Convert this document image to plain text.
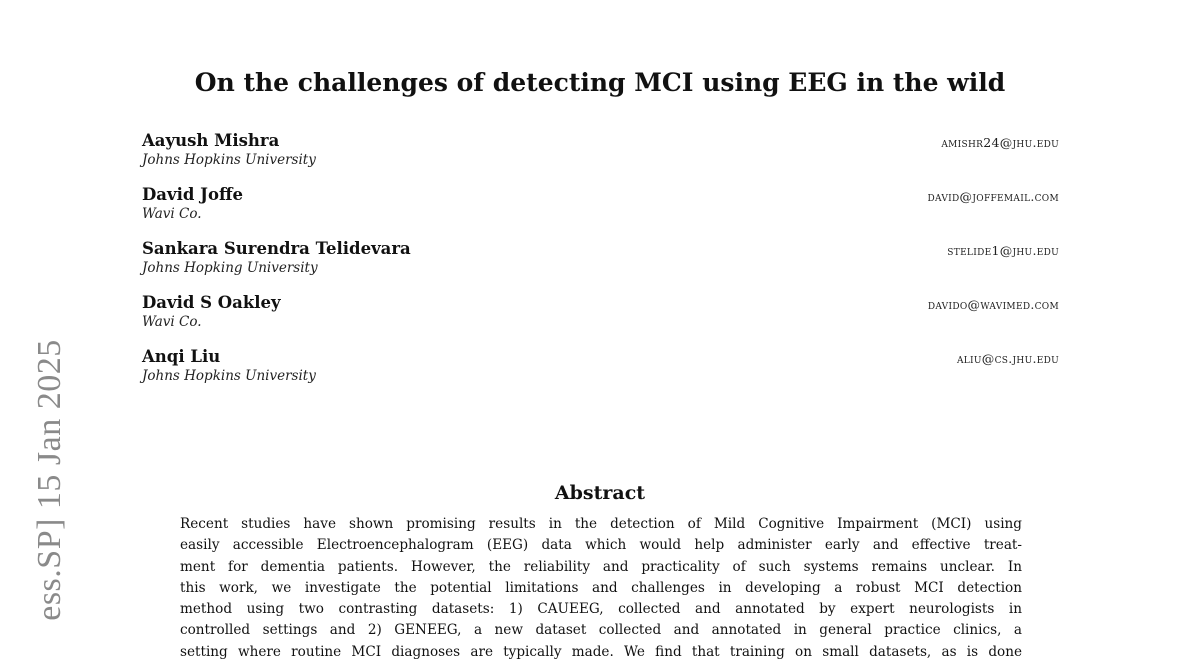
ess.SP] 15 Jan 2025
On the challenges of detecting MCI using EEG in the wild
Aayush Mishra
Johns Hopkins University
amishr24@jhu.edu
David Joffe
Wavi Co.
david@joffemail.com
Sankara Surendra Telidevara
Johns Hopking University
stelide1@jhu.edu
David S Oakley
Wavi Co.
davido@wavimed.com
Anqi Liu
Johns Hopkins University
aliu@cs.jhu.edu
Abstract
Recent studies have shown promising results in the detection of Mild Cognitive Impairment (MCI) using
easily accessible Electroencephalogram (EEG) data which would help administer early and effective treat-
ment for dementia patients. However, the reliability and practicality of such systems remains unclear. In
this work, we investigate the potential limitations and challenges in developing a robust MCI detection
method using two contrasting datasets: 1) CAUEEG, collected and annotated by expert neurologists in
controlled settings and 2) GENEEG, a new dataset collected and annotated in general practice clinics, a
setting where routine MCI diagnoses are typically made. We find that training on small datasets, as is done
